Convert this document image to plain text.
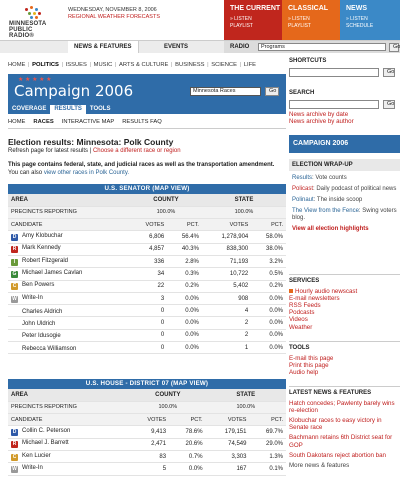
MINNESOTA
PUBLIC RADIO®
WEDNESDAY, NOVEMBER 8, 2006
REGIONAL WEATHER FORECASTS
THE CURRENT
» LISTEN
PLAYLIST
CLASSICAL
» LISTEN
PLAYLIST
NEWS
» LISTEN
SCHEDULE
NEWS & FEATURES	EVENTS	RADIO	Programs	Go
HOME | POLITICS | ISSUES | MUSIC | ARTS & CULTURE | BUSINESS | SCIENCE | LIFE
★ ★ ★ ★ ★
Campaign 2006	Minnesota Races	Go
COVERAGE RESULTS TOOLS
HOME RACES INTERACTIVE MAP RESULTS FAQ
Election results: Minnesota: Polk County
Refresh page for latest results | Choose a different race or region
This page contains federal, state, and judicial races as well as the transportation amendment. You can also view other races in Polk County.
U.S. SENATOR (MAP VIEW)
AREA	COUNTY		STATE	
PRECINCTS REPORTING	100.0%		100.0%	
CANDIDATE	VOTES	PCT.	VOTES	PCT.
D Amy Klobuchar	6,806	56.4%	1,278,904	58.0%
R Mark Kennedy	4,857	40.3%	838,300	38.0%
I Robert Fitzgerald	336	2.8%	71,193	3.2%
G Michael James Cavlan	34	0.3%	10,722	0.5%
C Ben Powers	22	0.2%	5,402	0.2%
W Write-In	3	0.0%	908	0.0%
Charles Aldrich	0	0.0%	4	0.0%
John Uldrich	0	0.0%	2	0.0%
Peter Idusogie	0	0.0%	2	0.0%
Rebecca Williamson	0	0.0%	1	0.0%
U.S. HOUSE - DISTRICT 07 (MAP VIEW)
AREA	COUNTY		STATE	
PRECINCTS REPORTING	100.0%		100.0%	
CANDIDATE	VOTES	PCT.	VOTES	PCT.
D Collin C. Peterson	9,413	78.6%	179,151	69.7%
R Michael J. Barrett	2,471	20.6%	74,549	29.0%
C Ken Lucier	83	0.7%	3,303	1.3%
W Write-In	5	0.0%	167	0.1%
SHORTCUTS
Go
SEARCH
Go
News archive by date
News archive by author
CAMPAIGN 2006
ELECTION WRAP-UP
Results: Vote counts
Policast: Daily podcast of political news
Polinaut: The inside scoop
The View from the Fence: Swing voters blog.
View all election highlights
SERVICES
Hourly audio newscast
E-mail newsletters
RSS Feeds
Podcasts
Videos
Weather
TOOLS
E-mail this page
Print this page
Audio help
LATEST NEWS & FEATURES
Hatch concedes; Pawlenty barely wins re-election
Klobuchar races to easy victory in Senate race
Bachmann retains 6th District seat for GOP
South Dakotans reject abortion ban
More news & features
